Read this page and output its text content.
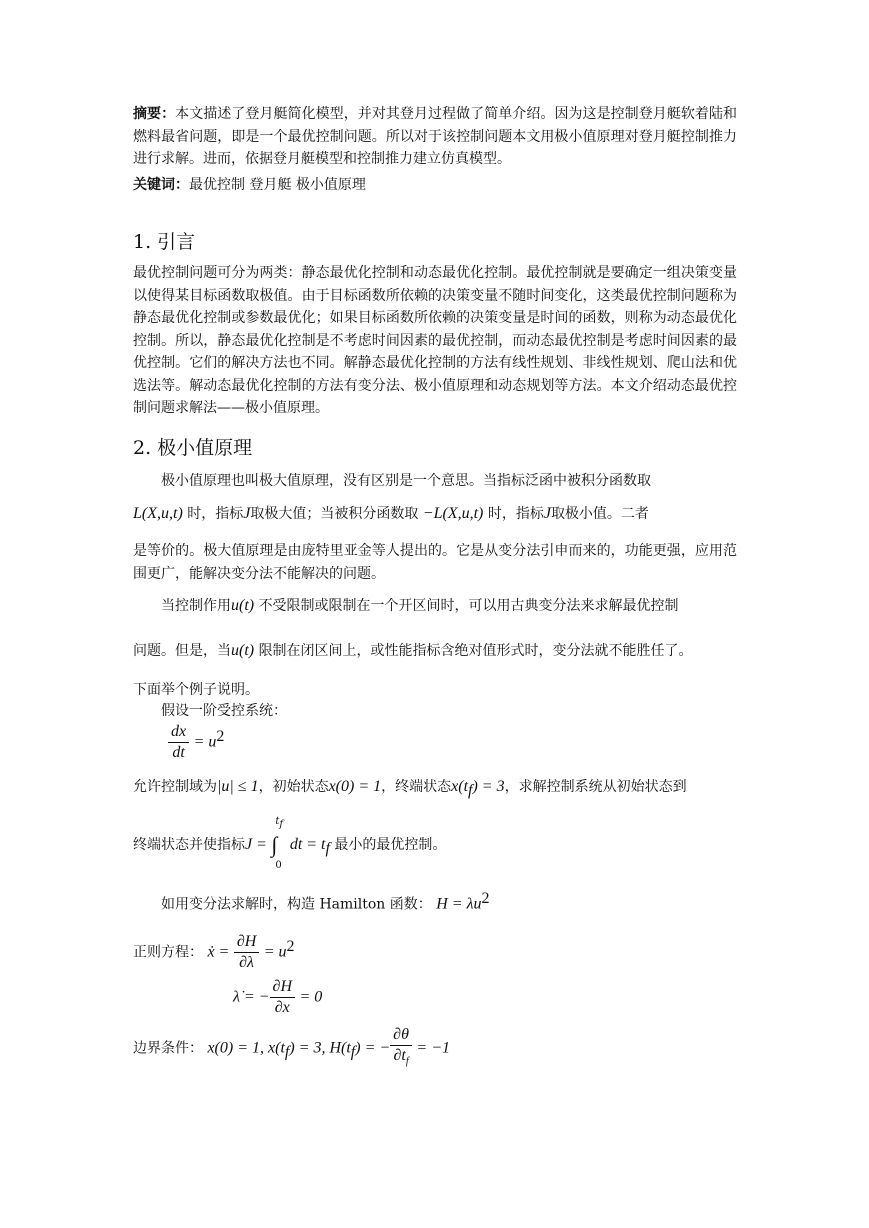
摘要：本文描述了登月艇简化模型，并对其登月过程做了简单介绍。因为这是控制登月艇软着陆和燃料最省问题，即是一个最优控制问题。所以对于该控制问题本文用极小值原理对登月艇控制推力进行求解。进而，依据登月艇模型和控制推力建立仿真模型。
关键词：最优控制 登月艇 极小值原理
1. 引言
最优控制问题可分为两类：静态最优化控制和动态最优化控制。最优控制就是要确定一组决策变量以使得某目标函数取极值。由于目标函数所依赖的决策变量不随时间变化，这类最优控制问题称为静态最优化控制或参数最优化；如果目标函数所依赖的决策变量是时间的函数，则称为动态最优化控制。所以，静态最优化控制是不考虑时间因素的最优控制，而动态最优控制是考虑时间因素的最优控制。它们的解决方法也不同。解静态最优化控制的方法有线性规划、非线性规划、爬山法和优选法等。解动态最优化控制的方法有变分法、极小值原理和动态规划等方法。本文介绍动态最优控制问题求解法——极小值原理。
2. 极小值原理
极小值原理也叫极大值原理，没有区别是一个意思。当指标泛函中被积分函数取
L(X,u,t) 时，指标J取极大值；当被积分函数取 −L(X,u,t) 时，指标J取极小值。二者
是等价的。极大值原理是由庞特里亚金等人提出的。它是从变分法引申而来的，功能更强，应用范围更广，能解决变分法不能解决的问题。
当控制作用u(t) 不受限制或限制在一个开区间时，可以用古典变分法来求解最优控制
问题。但是，当u(t) 限制在闭区间上，或性能指标含绝对值形式时，变分法就不能胜任了。
下面举个例子说明。
假设一阶受控系统：
$\frac{dx}{dt} = u^2$
允许控制域为|u| ≤ 1，初始状态x(0) = 1，终端状态$x(t_f) = 3$，求解控制系统从初始状态到
终端状态并使指标J = ∫
$t_f$
0
dt = $t_f$ 最小的最优控制。
如用变分法求解时，构造 Hamilton 函数： $H = \lambda u^2$
正则方程： ẋ = $\frac{\partial H}{\partial\lambda} = u^2$
λ̇ = − $\frac{\partial H}{\partial x} = 0$
边界条件： x(0) = 1, $x(t_f) = 3$, $H(t_f)$ = − $\frac{\partial\theta}{\partial t_f} = -1$
